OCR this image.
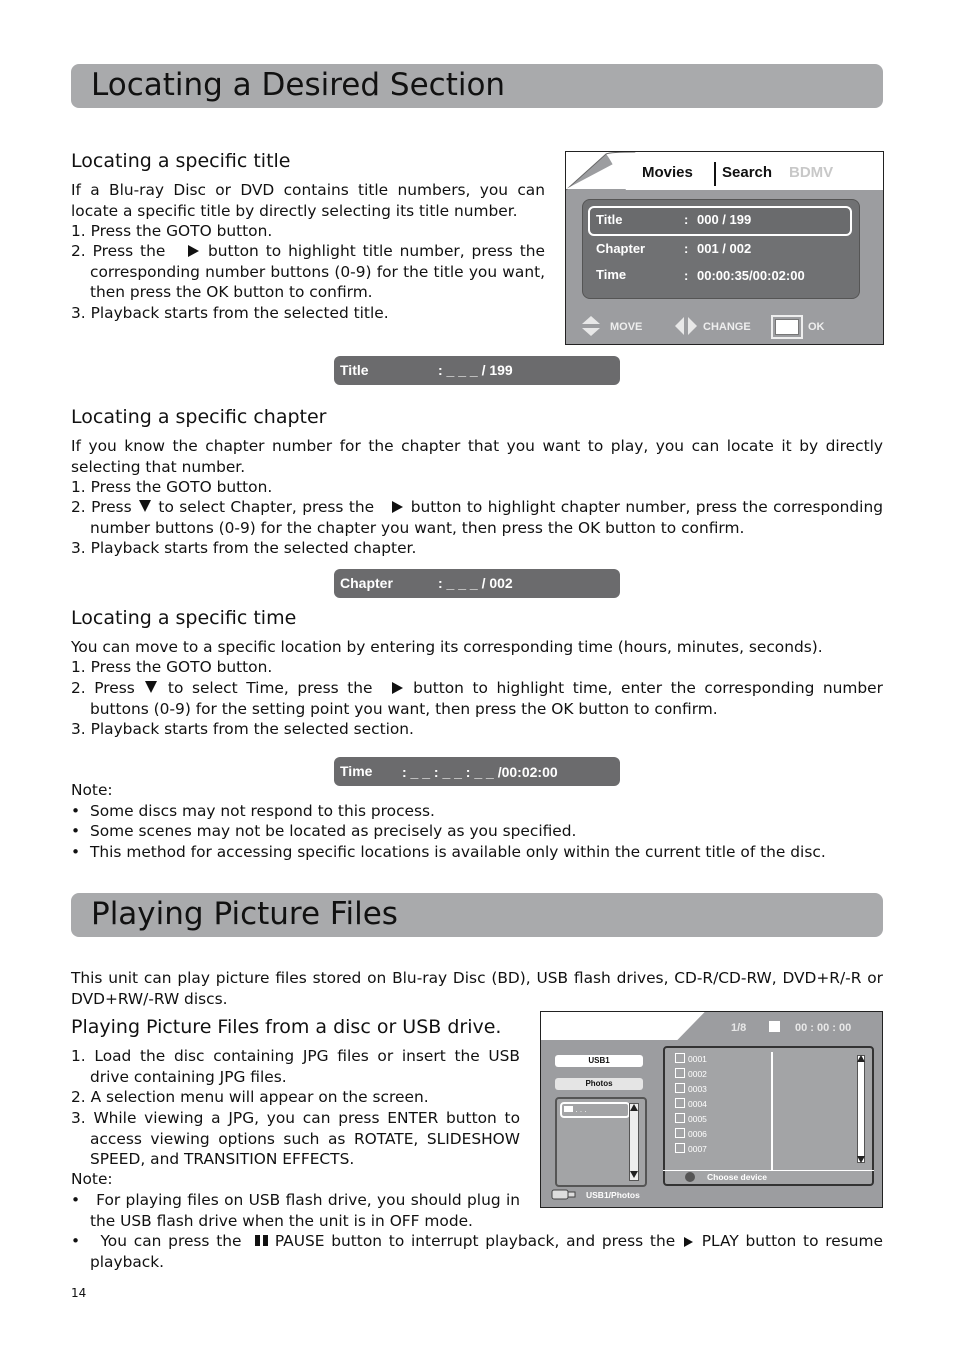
Locating a Desired Section
Locating a specific title

If a Blu-ray Disc or DVD contains title numbers, you can locate a specific title by directly selecting its title number.

1. Press the GOTO button.

2. Press the	button to highlight title number, press the corresponding number buttons (0-9) for the title you want, then press the OK button to confirm.

3. Playback starts from the selected title.

Movies Search BDMV
Title	: 000 / 199
Chapter	: 001 / 002
Time	: 00:00:35/00:02:00
MOVE	CHANGE	OK
Title	: _ _ _ / 199
Locating a specific chapter

If you know the chapter number for the chapter that you want to play, you can locate it by directly selecting that number.

1. Press the GOTO button.

2. Press to select Chapter, press the button to highlight chapter number, press the corresponding number buttons (0-9) for the chapter you want, then press the OK button to confirm.

3. Playback starts from the selected chapter.

Chapter	: _ _ _ / 002
Locating a specific time

You can move to a specific location by entering its corresponding time (hours, minutes, seconds).

1. Press the GOTO button.

2. Press to select Time, press the	button to highlight time, enter the corresponding number buttons (0-9) for the setting point you want, then press the OK button to confirm.

3. Playback starts from the selected section.

Time : _ _ : _ _ : _ _ /00:02:00

Note:

• Some discs may not respond to this process.

• Some scenes may not be located as precisely as you specified.

• This method for accessing specific locations is available only within the current title of the disc.

Playing Picture Files

This unit can play picture files stored on Blu-ray Disc (BD), USB flash drives, CD-R/CD-RW, DVD+R/-R or DVD+RW/-RW discs.

Playing Picture Files from a disc or USB drive.

1. Load the disc containing JPG files or insert the USB drive containing JPG files.

2. A selection menu will appear on the screen.

3. While viewing a JPG, you can press ENTER button to access viewing options such as ROTATE, SLIDESHOW SPEED, and TRANSITION EFFECTS.

Note:

•   For playing files on USB flash drive, you should plug in the USB flash drive when the unit is in OFF mode.

•   You can press the PAUSE button to interrupt playback, and press the PLAY button to resume playback.

1/8	00 : 00 : 00
USB1
Photos
. . .
0001
0002
0003
0004
0005
0006
0007
Choose device
USB1/Photos

14
